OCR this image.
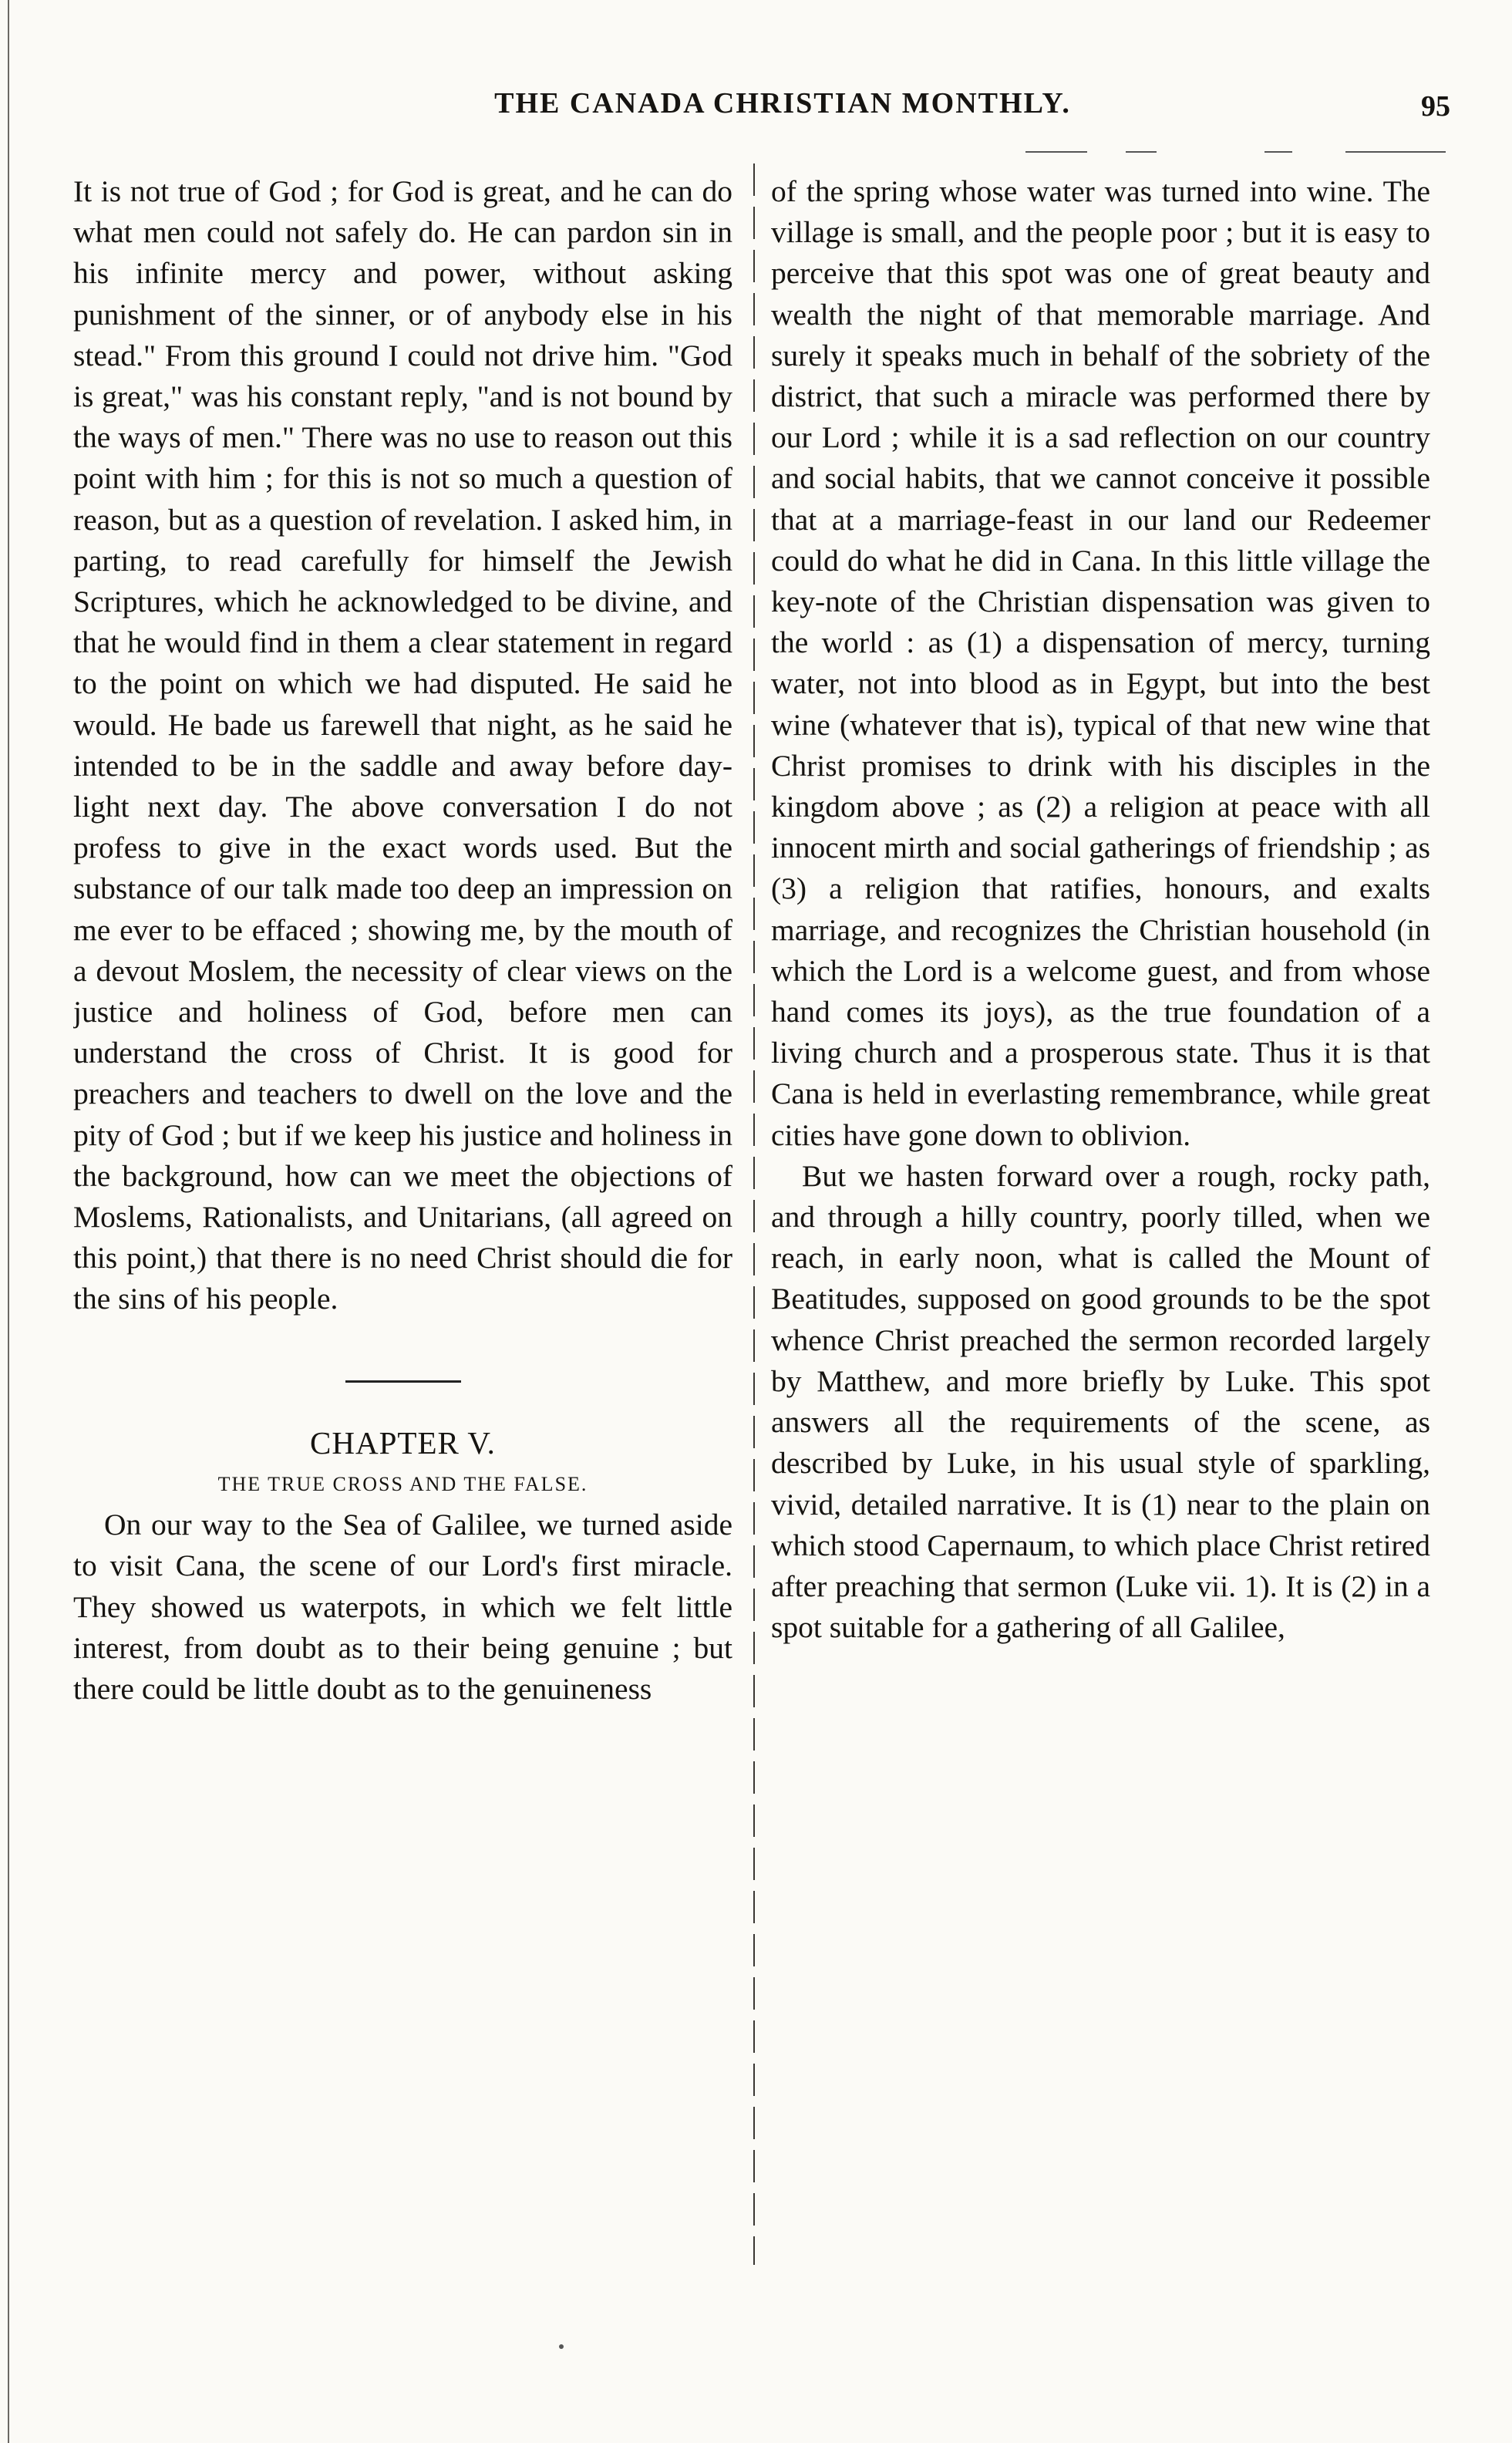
THE CANADA CHRISTIAN MONTHLY.	95

It is not true of God ; for God is great, and he can do what men could not safely do. He can pardon sin in his infinite mercy and power, without asking punishment of the sinner, or of anybody else in his stead." From this ground I could not drive him. "God is great," was his constant reply, "and is not bound by the ways of men." There was no use to reason out this point with him ; for this is not so much a question of reason, but as a question of revelation. I asked him, in parting, to read carefully for himself the Jewish Scriptures, which he acknowledged to be divine, and that he would find in them a clear statement in regard to the point on which we had disputed. He said he would. He bade us farewell that night, as he said he intended to be in the saddle and away before day-light next day. The above conversation I do not profess to give in the exact words used. But the substance of our talk made too deep an impression on me ever to be effaced ; showing me, by the mouth of a devout Moslem, the necessity of clear views on the justice and holiness of God, before men can understand the cross of Christ. It is good for preachers and teachers to dwell on the love and the pity of God ; but if we keep his justice and holiness in the background, how can we meet the objections of Moslems, Rationalists, and Unitarians, (all agreed on this point,) that there is no need Christ should die for the sins of his people.

CHAPTER V.

THE TRUE CROSS AND THE FALSE.

On our way to the Sea of Galilee, we turned aside to visit Cana, the scene of our Lord's first miracle. They showed us waterpots, in which we felt little interest, from doubt as to their being genuine ; but there could be little doubt as to the genuineness

of the spring whose water was turned into wine. The village is small, and the people poor ; but it is easy to perceive that this spot was one of great beauty and wealth the night of that memorable marriage. And surely it speaks much in behalf of the sobriety of the district, that such a miracle was performed there by our Lord ; while it is a sad reflection on our country and social habits, that we cannot conceive it possible that at a marriage-feast in our land our Redeemer could do what he did in Cana. In this little village the key-note of the Christian dispensation was given to the world : as (1) a dispensation of mercy, turning water, not into blood as in Egypt, but into the best wine (whatever that is), typical of that new wine that Christ promises to drink with his disciples in the kingdom above ; as (2) a religion at peace with all innocent mirth and social gatherings of friendship ; as (3) a religion that ratifies, honours, and exalts marriage, and recognizes the Christian household (in which the Lord is a welcome guest, and from whose hand comes its joys), as the true foundation of a living church and a prosperous state. Thus it is that Cana is held in everlasting remembrance, while great cities have gone down to oblivion.

But we hasten forward over a rough, rocky path, and through a hilly country, poorly tilled, when we reach, in early noon, what is called the Mount of Beatitudes, supposed on good grounds to be the spot whence Christ preached the sermon recorded largely by Matthew, and more briefly by Luke. This spot answers all the requirements of the scene, as described by Luke, in his usual style of sparkling, vivid, detailed narrative. It is (1) near to the plain on which stood Capernaum, to which place Christ retired after preaching that sermon (Luke vii. 1). It is (2) in a spot suitable for a gathering of all Galilee,
